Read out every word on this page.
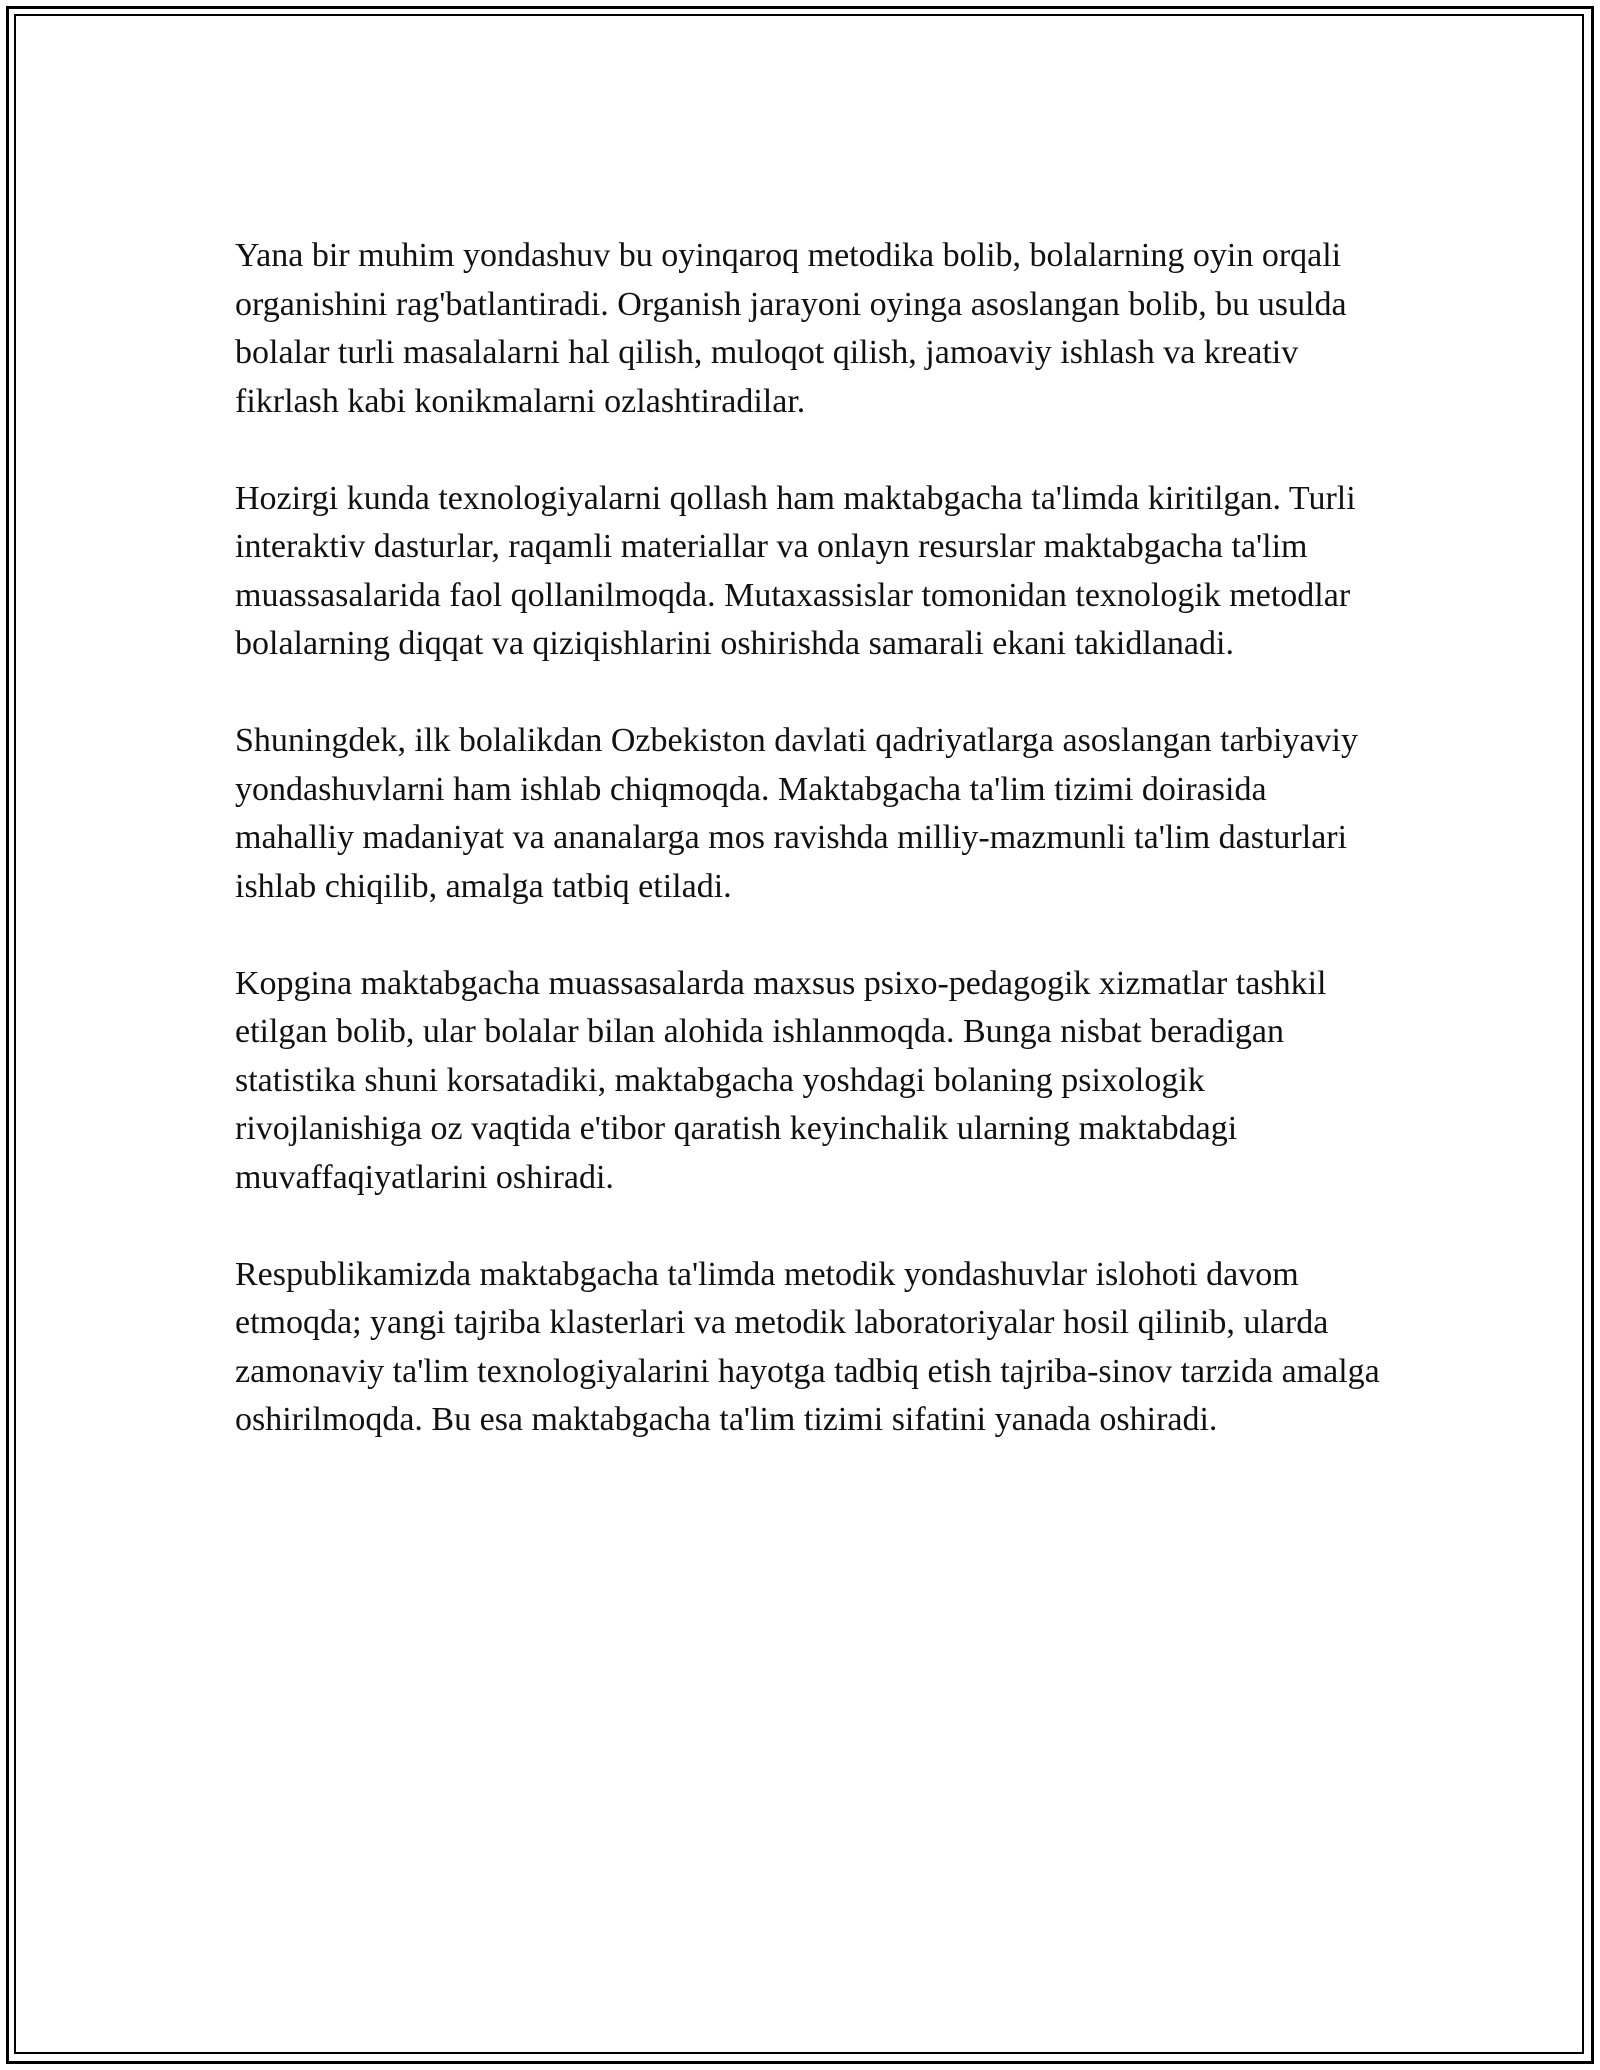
Yana bir muhim yondashuv bu oyinqaroq metodika bolib, bolalarning oyin orqali organishini rag'batlantiradi. Organish jarayoni oyinga asoslangan bolib, bu usulda bolalar turli masalalarni hal qilish, muloqot qilish, jamoaviy ishlash va kreativ fikrlash kabi konikmalarni ozlashtiradilar.

Hozirgi kunda texnologiyalarni qollash ham maktabgacha ta'limda kiritilgan. Turli interaktiv dasturlar, raqamli materiallar va onlayn resurslar maktabgacha ta'lim muassasalarida faol qollanilmoqda. Mutaxassislar tomonidan texnologik metodlar bolalarning diqqat va qiziqishlarini oshirishda samarali ekani takidlanadi.

Shuningdek, ilk bolalikdan Ozbekiston davlati qadriyatlarga asoslangan tarbiyaviy yondashuvlarni ham ishlab chiqmoqda. Maktabgacha ta'lim tizimi doirasida mahalliy madaniyat va ananalarga mos ravishda milliy-mazmunli ta'lim dasturlari ishlab chiqilib, amalga tatbiq etiladi.

Kopgina maktabgacha muassasalarda maxsus psixo-pedagogik xizmatlar tashkil etilgan bolib, ular bolalar bilan alohida ishlanmoqda. Bunga nisbat beradigan statistika shuni korsatadiki, maktabgacha yoshdagi bolaning psixologik rivojlanishiga oz vaqtida e'tibor qaratish keyinchalik ularning maktabdagi muvaffaqiyatlarini oshiradi.

Respublikamizda maktabgacha ta'limda metodik yondashuvlar islohoti davom etmoqda; yangi tajriba klasterlari va metodik laboratoriyalar hosil qilinib, ularda zamonaviy ta'lim texnologiyalarini hayotga tadbiq etish tajriba-sinov tarzida amalga oshirilmoqda. Bu esa maktabgacha ta'lim tizimi sifatini yanada oshiradi.
